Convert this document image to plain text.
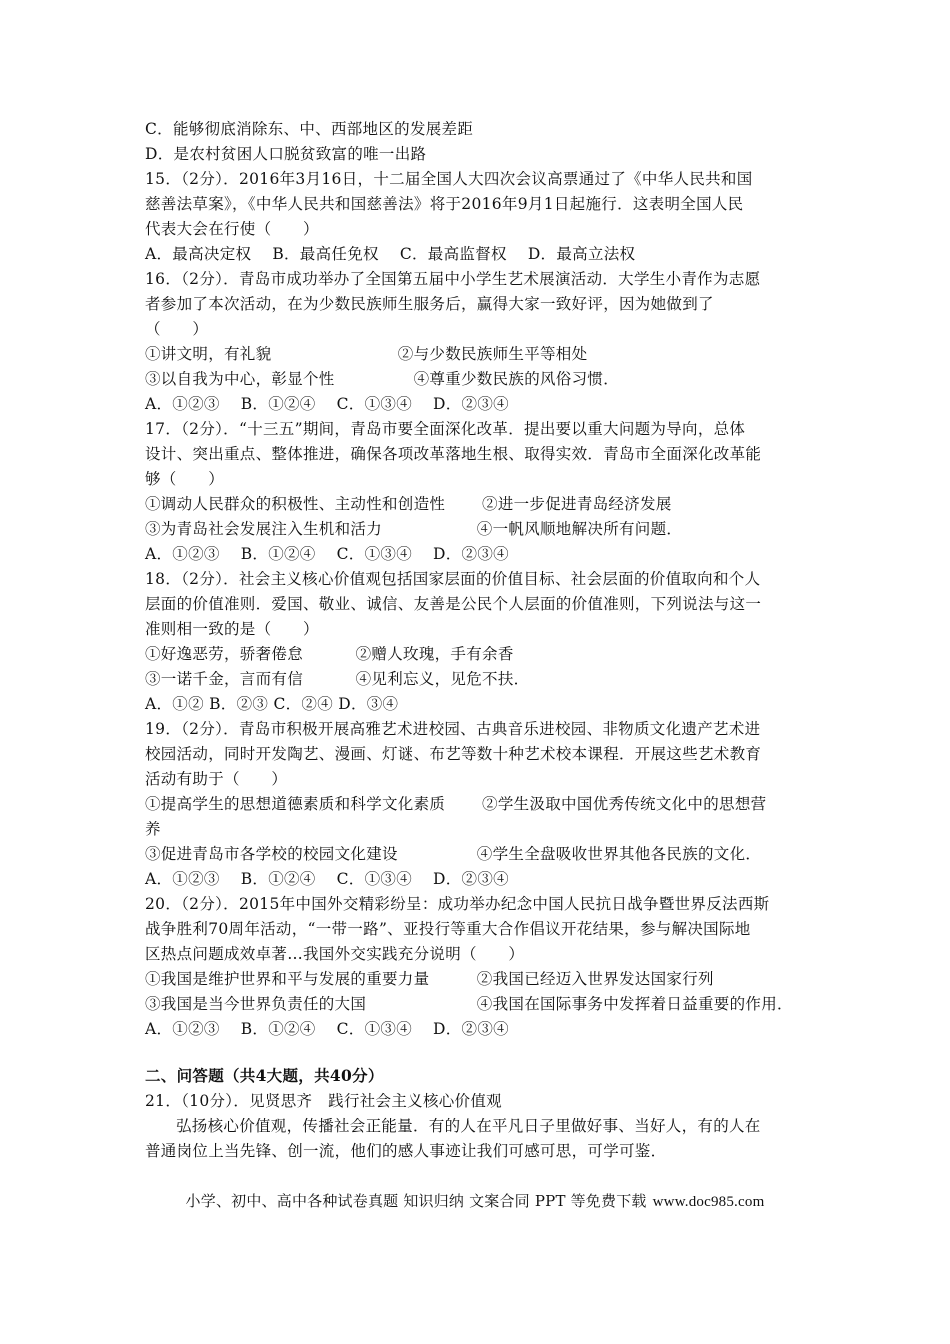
C．能够彻底消除东、中、西部地区的发展差距
D．是农村贫困人口脱贫致富的唯一出路
15．（2分）．2016年3月16日，十二届全国人大四次会议高票通过了《中华人民共和国
慈善法草案》，《中华人民共和国慈善法》将于2016年9月1日起施行．这表明全国人民
代表大会在行使（　　）
A．最高决定权　 B．最高任免权　 C．最高监督权　 D．最高立法权
16．（2分）．青岛市成功举办了全国第五届中小学生艺术展演活动．大学生小青作为志愿
者参加了本次活动，在为少数民族师生服务后，赢得大家一致好评，因为她做到了
（　　）
①讲文明，有礼貌　　　　　　　　②与少数民族师生平等相处
③以自我为中心，彰显个性　　　　　④尊重少数民族的风俗习惯．
A．①②③　 B．①②④　 C．①③④　 D．②③④
17．（2分）．“十三五”期间，青岛市要全面深化改革．提出要以重大问题为导向，总体
设计、突出重点、整体推进，确保各项改革落地生根、取得实效．青岛市全面深化改革能
够（　　）
①调动人民群众的积极性、主动性和创造性　　 ②进一步促进青岛经济发展
③为青岛社会发展注入生机和活力　　　　　　④一帆风顺地解决所有问题．
A．①②③　 B．①②④　 C．①③④　 D．②③④
18．（2分）．社会主义核心价值观包括国家层面的价值目标、社会层面的价值取向和个人
层面的价值准则．爱国、敬业、诚信、友善是公民个人层面的价值准则，下列说法与这一
准则相一致的是（　　）
①好逸恶劳，骄奢倦怠　　　 ②赠人玫瑰，手有余香
③一诺千金，言而有信　　　 ④见利忘义，见危不扶．
A．①② B．②③ C．②④ D．③④
19．（2分）．青岛市积极开展高雅艺术进校园、古典音乐进校园、非物质文化遗产艺术进
校园活动，同时开发陶艺、漫画、灯谜、布艺等数十种艺术校本课程．开展这些艺术教育
活动有助于（　　）
①提高学生的思想道德素质和科学文化素质　　 ②学生汲取中国优秀传统文化中的思想营
养
③促进青岛市各学校的校园文化建设　　　　　④学生全盘吸收世界其他各民族的文化．
A．①②③　 B．①②④　 C．①③④　 D．②③④
20．（2分）．2015年中国外交精彩纷呈：成功举办纪念中国人民抗日战争暨世界反法西斯
战争胜利70周年活动，“一带一路”、亚投行等重大合作倡议开花结果，参与解决国际地
区热点问题成效卓著…我国外交实践充分说明（　　）
①我国是维护世界和平与发展的重要力量　　　②我国已经迈入世界发达国家行列
③我国是当今世界负责任的大国　　　　　　　④我国在国际事务中发挥着日益重要的作用．
A．①②③　 B．①②④　 C．①③④　 D．②③④
二、问答题（共4大题，共40分）
21．（10分）．见贤思齐　践行社会主义核心价值观
弘扬核心价值观，传播社会正能量．有的人在平凡日子里做好事、当好人，有的人在
普通岗位上当先锋、创一流，他们的感人事迹让我们可感可思，可学可鉴．
小学、初中、高中各种试卷真题 知识归纳 文案合同 PPT 等免费下载 www.doc985.com
